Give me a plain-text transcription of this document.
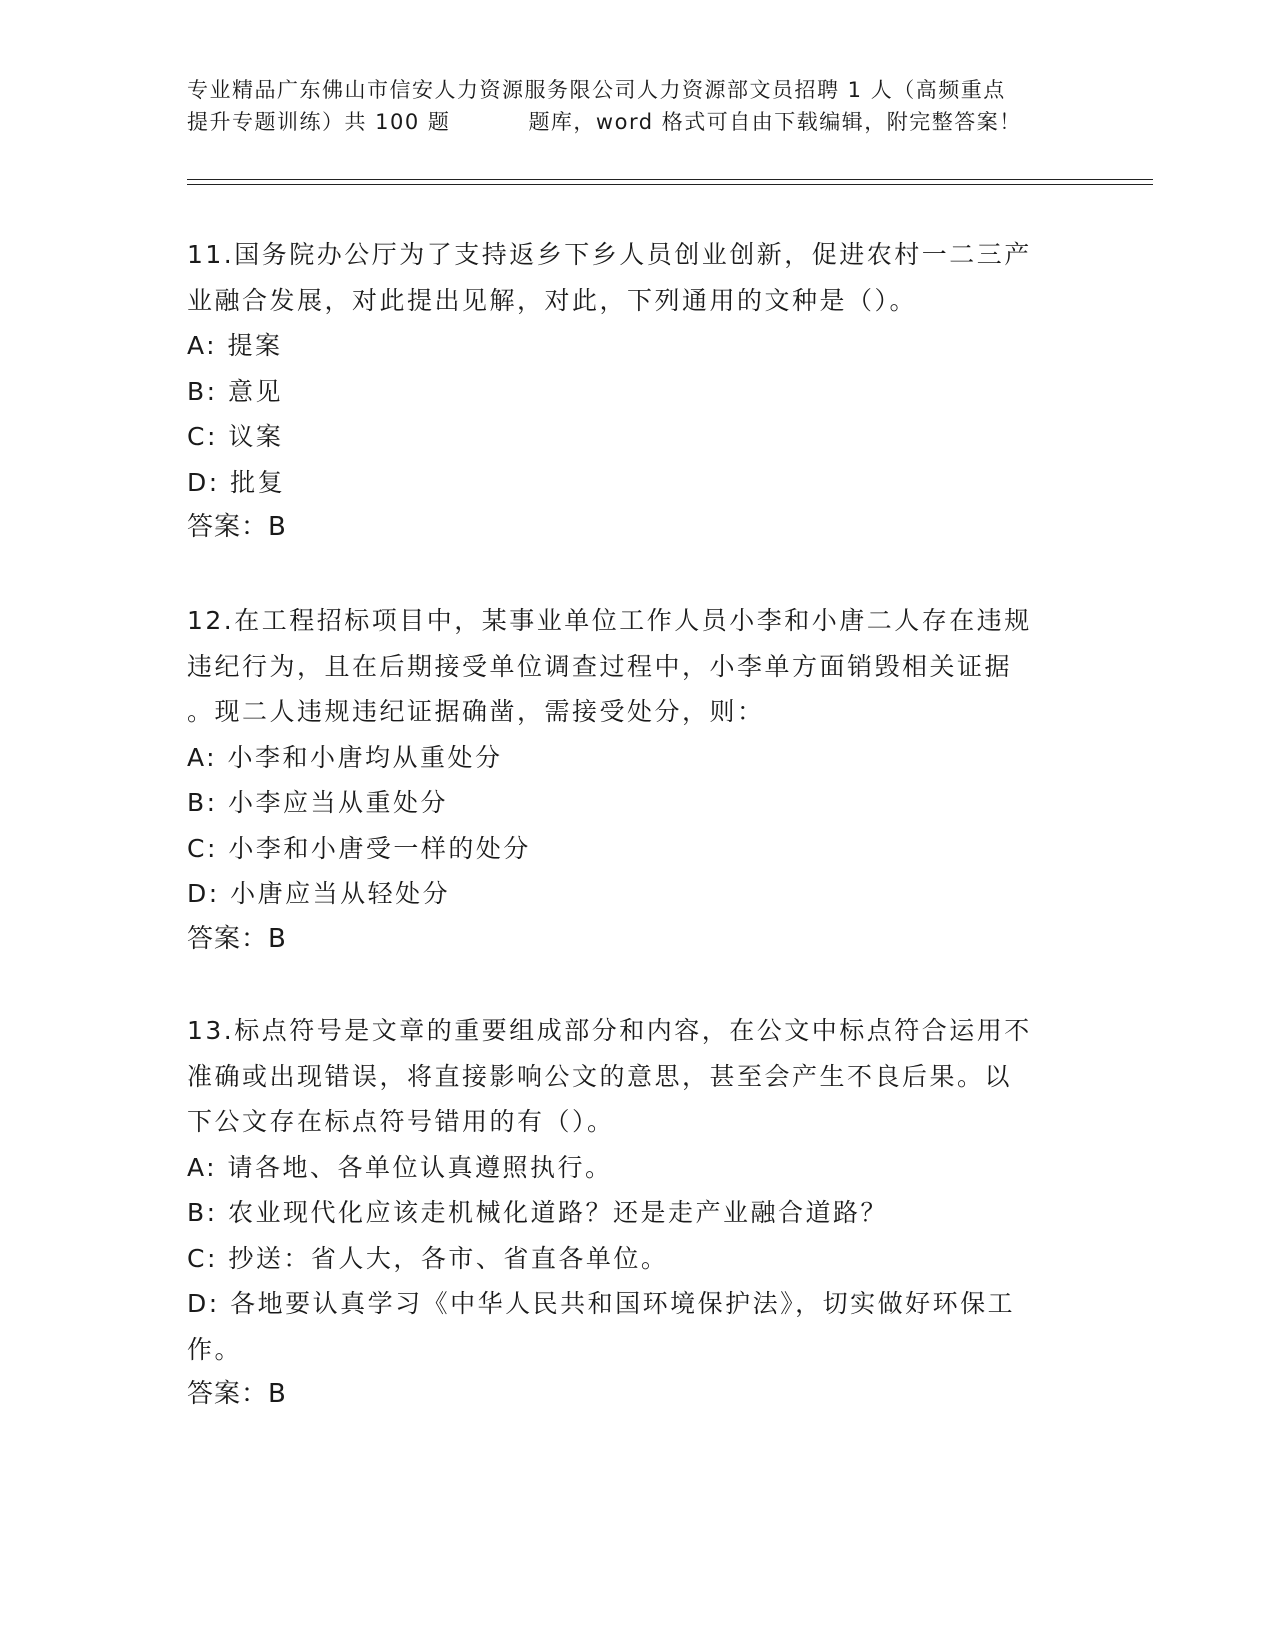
专业精品广东佛山市信安人力资源服务限公司人力资源部文员招聘 1 人（高频重点
提升专题训练）共 100 题	题库，word 格式可自由下载编辑，附完整答案！
11.国务院办公厅为了支持返乡下乡人员创业创新，促进农村一二三产
业融合发展，对此提出见解，对此，下列通用的文种是（）。
A: 提案
B: 意见
C: 议案
D: 批复
答案：B
12.在工程招标项目中，某事业单位工作人员小李和小唐二人存在违规
违纪行为，且在后期接受单位调查过程中，小李单方面销毁相关证据
。现二人违规违纪证据确凿，需接受处分，则：
A: 小李和小唐均从重处分
B: 小李应当从重处分
C: 小李和小唐受一样的处分
D: 小唐应当从轻处分
答案：B
13.标点符号是文章的重要组成部分和内容，在公文中标点符合运用不
准确或出现错误，将直接影响公文的意思，甚至会产生不良后果。以
下公文存在标点符号错用的有（）。
A: 请各地、各单位认真遵照执行。
B: 农业现代化应该走机械化道路？还是走产业融合道路？
C: 抄送：省人大，各市、省直各单位。
D: 各地要认真学习《中华人民共和国环境保护法》，切实做好环保工
作。
答案：B
